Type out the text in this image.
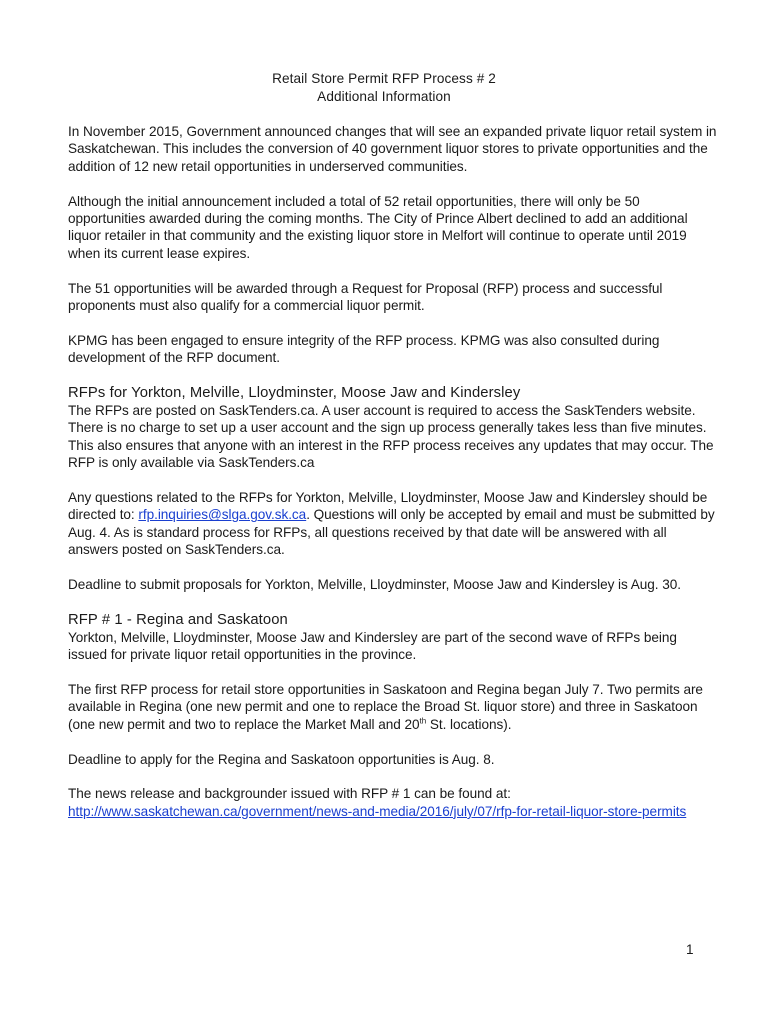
Retail Store Permit RFP Process # 2
Additional Information

In November 2015, Government announced changes that will see an expanded private liquor retail system in Saskatchewan. This includes the conversion of 40 government liquor stores to private opportunities and the addition of 12 new retail opportunities in underserved communities.

Although the initial announcement included a total of 52 retail opportunities, there will only be 50 opportunities awarded during the coming months. The City of Prince Albert declined to add an additional liquor retailer in that community and the existing liquor store in Melfort will continue to operate until 2019 when its current lease expires.

The 51 opportunities will be awarded through a Request for Proposal (RFP) process and successful proponents must also qualify for a commercial liquor permit.

KPMG has been engaged to ensure integrity of the RFP process. KPMG was also consulted during development of the RFP document.

RFPs for Yorkton, Melville, Lloydminster, Moose Jaw and Kindersley

The RFPs are posted on SaskTenders.ca. A user account is required to access the SaskTenders website. There is no charge to set up a user account and the sign up process generally takes less than five minutes. This also ensures that anyone with an interest in the RFP process receives any updates that may occur. The RFP is only available via SaskTenders.ca

Any questions related to the RFPs for Yorkton, Melville, Lloydminster, Moose Jaw and Kindersley should be directed to: rfp.inquiries@slga.gov.sk.ca. Questions will only be accepted by email and must be submitted by Aug. 4. As is standard process for RFPs, all questions received by that date will be answered with all answers posted on SaskTenders.ca.

Deadline to submit proposals for Yorkton, Melville, Lloydminster, Moose Jaw and Kindersley is Aug. 30.

RFP # 1 - Regina and Saskatoon

Yorkton, Melville, Lloydminster, Moose Jaw and Kindersley are part of the second wave of RFPs being issued for private liquor retail opportunities in the province.

The first RFP process for retail store opportunities in Saskatoon and Regina began July 7. Two permits are available in Regina (one new permit and one to replace the Broad St. liquor store) and three in Saskatoon (one new permit and two to replace the Market Mall and 20th St. locations).

Deadline to apply for the Regina and Saskatoon opportunities is Aug. 8.

The news release and backgrounder issued with RFP # 1 can be found at:
http://www.saskatchewan.ca/government/news-and-media/2016/july/07/rfp-for-retail-liquor-store-permits

1
